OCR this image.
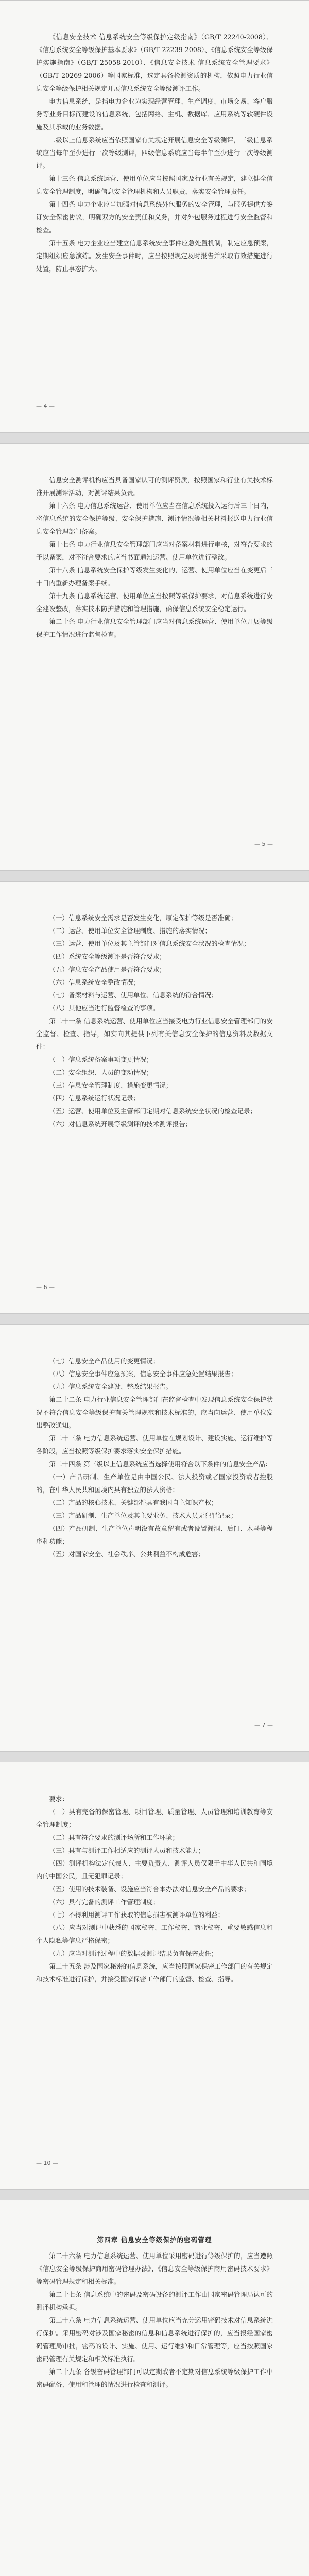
《信息安全技术 信息系统安全等级保护定级指南》（GB/T 22240-2008）、《信息系统安全等级保护基本要求》（GB/T 22239-2008）、《信息系统安全等级保护实施指南》（GB/T 25058-2010）、《信息安全技术 信息系统安全管理要求》（GB/T 20269-2006）等国家标准，选定具备检测资质的机构，依照电力行业信息安全等级保护相关规定开展信息系统安全等级测评工作。

电力信息系统，是指电力企业为实现经营管理、生产调度、市场交易、客户服务等业务目标而建设的信息系统，包括网络、主机、数据库、应用系统等软硬件设施及其承载的业务数据。

二级以上信息系统应当依照国家有关规定开展信息安全等级测评，三级信息系统应当每年至少进行一次等级测评，四级信息系统应当每半年至少进行一次等级测评。

第十三条 信息系统运营、使用单位应当按照国家及行业有关规定，建立健全信息安全管理制度，明确信息安全管理机构和人员职责，落实安全管理责任。

第十四条 电力企业应当加强对信息系统外包服务的安全管理，与服务提供方签订安全保密协议，明确双方的安全责任和义务，并对外包服务过程进行安全监督和检查。

第十五条 电力企业应当建立信息系统安全事件应急处置机制，制定应急预案，定期组织应急演练。发生安全事件时，应当按照规定及时报告并采取有效措施进行处置，防止事态扩大。

— 4 —

信息安全测评机构应当具备国家认可的测评资质，按照国家和行业有关技术标准开展测评活动，对测评结果负责。

第十六条 电力信息系统运营、使用单位应当在信息系统投入运行后三十日内，将信息系统的安全保护等级、安全保护措施、测评情况等相关材料报送电力行业信息安全管理部门备案。

第十七条 电力行业信息安全管理部门应当对备案材料进行审核，对符合要求的予以备案，对不符合要求的应当书面通知运营、使用单位进行整改。

第十八条 信息系统安全保护等级发生变化的，运营、使用单位应当在变更后三十日内重新办理备案手续。

第十九条 信息系统运营、使用单位应当按照等级保护要求，对信息系统进行安全建设整改，落实技术防护措施和管理措施，确保信息系统安全稳定运行。

第二十条 电力行业信息安全管理部门应当对信息系统运营、使用单位开展等级保护工作情况进行监督检查。

— 5 —

（一）信息系统安全需求是否发生变化，原定保护等级是否准确；

（二）运营、使用单位安全管理制度、措施的落实情况；

（三）运营、使用单位及其主管部门对信息系统安全状况的检查情况；

（四）系统安全等级测评是否符合要求；

（五）信息安全产品使用是否符合要求；

（六）信息系统安全整改情况；

（七）备案材料与运营、使用单位、信息系统的符合情况；

（八）其他应当进行监督检查的事项。

第二十一条 信息系统运营、使用单位应当接受电力行业信息安全管理部门的安全监督、检查、指导，如实向其提供下列有关信息安全保护的信息资料及数据文件：

（一）信息系统备案事项变更情况；

（二）安全组织、人员的变动情况；

（三）信息安全管理制度、措施变更情况；

（四）信息系统运行状况记录；

（五）运营、使用单位及主管部门定期对信息系统安全状况的检查记录；

（六）对信息系统开展等级测评的技术测评报告；

— 6 —

（七）信息安全产品使用的变更情况；

（八）信息安全事件应急预案，信息安全事件应急处置结果报告；

（九）信息系统安全建设、整改结果报告。

第二十二条 电力行业信息安全管理部门在监督检查中发现信息系统安全保护状况不符合信息安全等级保护有关管理规范和技术标准的，应当向运营、使用单位发出整改通知。

第二十三条 电力信息系统运营、使用单位在规划设计、建设实施、运行维护等各阶段，应当按照等级保护要求落实安全保护措施。

第二十四条 第三级以上信息系统应当选择使用符合以下条件的信息安全产品：

（一）产品研制、生产单位是由中国公民、法人投资或者国家投资或者控股的，在中华人民共和国境内具有独立的法人资格；

（二）产品的核心技术、关键部件具有我国自主知识产权；

（三）产品研制、生产单位及其主要业务、技术人员无犯罪记录；

（四）产品研制、生产单位声明没有故意留有或者设置漏洞、后门、木马等程序和功能；

（五）对国家安全、社会秩序、公共利益不构成危害；

— 7 —

要求：

（一）具有完备的保密管理、项目管理、质量管理、人员管理和培训教育等安全管理制度；

（二）具有符合要求的测评场所和工作环境；

（三）具有与测评工作相适应的测评人员和技术能力；

（四）测评机构法定代表人、主要负责人、测评人员仅限于中华人民共和国境内的中国公民，且无犯罪记录；

（五）使用的技术装备、设施应当符合本办法对信息安全产品的要求；

（六）具有完备的测评工作管理制度；

（七）不得利用测评工作获取的信息损害被测评单位的利益；

（八）应当对测评中获悉的国家秘密、工作秘密、商业秘密、重要敏感信息和个人隐私等信息严格保密；

（九）应当对测评过程中的数据及测评结果负有保密责任；

第二十五条 涉及国家秘密的信息系统，应当按照国家保密工作部门的有关规定和技术标准进行保护，并接受国家保密工作部门的监督、检查、指导。

— 10 —
第四章 信息安全等级保护的密码管理

第二十六条 电力信息系统运营、使用单位采用密码进行等级保护的，应当遵照《信息安全等级保护商用密码管理办法》、《信息安全等级保护商用密码技术要求》等密码管理规定和相关标准。

第二十七条 信息系统中的密码及密码设备的测评工作由国家密码管理局认可的测评机构承担。

第二十八条 电力信息系统运营、使用单位应当充分运用密码技术对信息系统进行保护。采用密码对涉及国家秘密的信息和信息系统进行保护的，应当报经国家密码管理局审批，密码的设计、实施、使用、运行维护和日常管理等，应当按照国家密码管理有关规定和相关标准执行。

第二十九条 各级密码管理部门可以定期或者不定期对信息系统等级保护工作中密码配备、使用和管理的情况进行检查和测评。
